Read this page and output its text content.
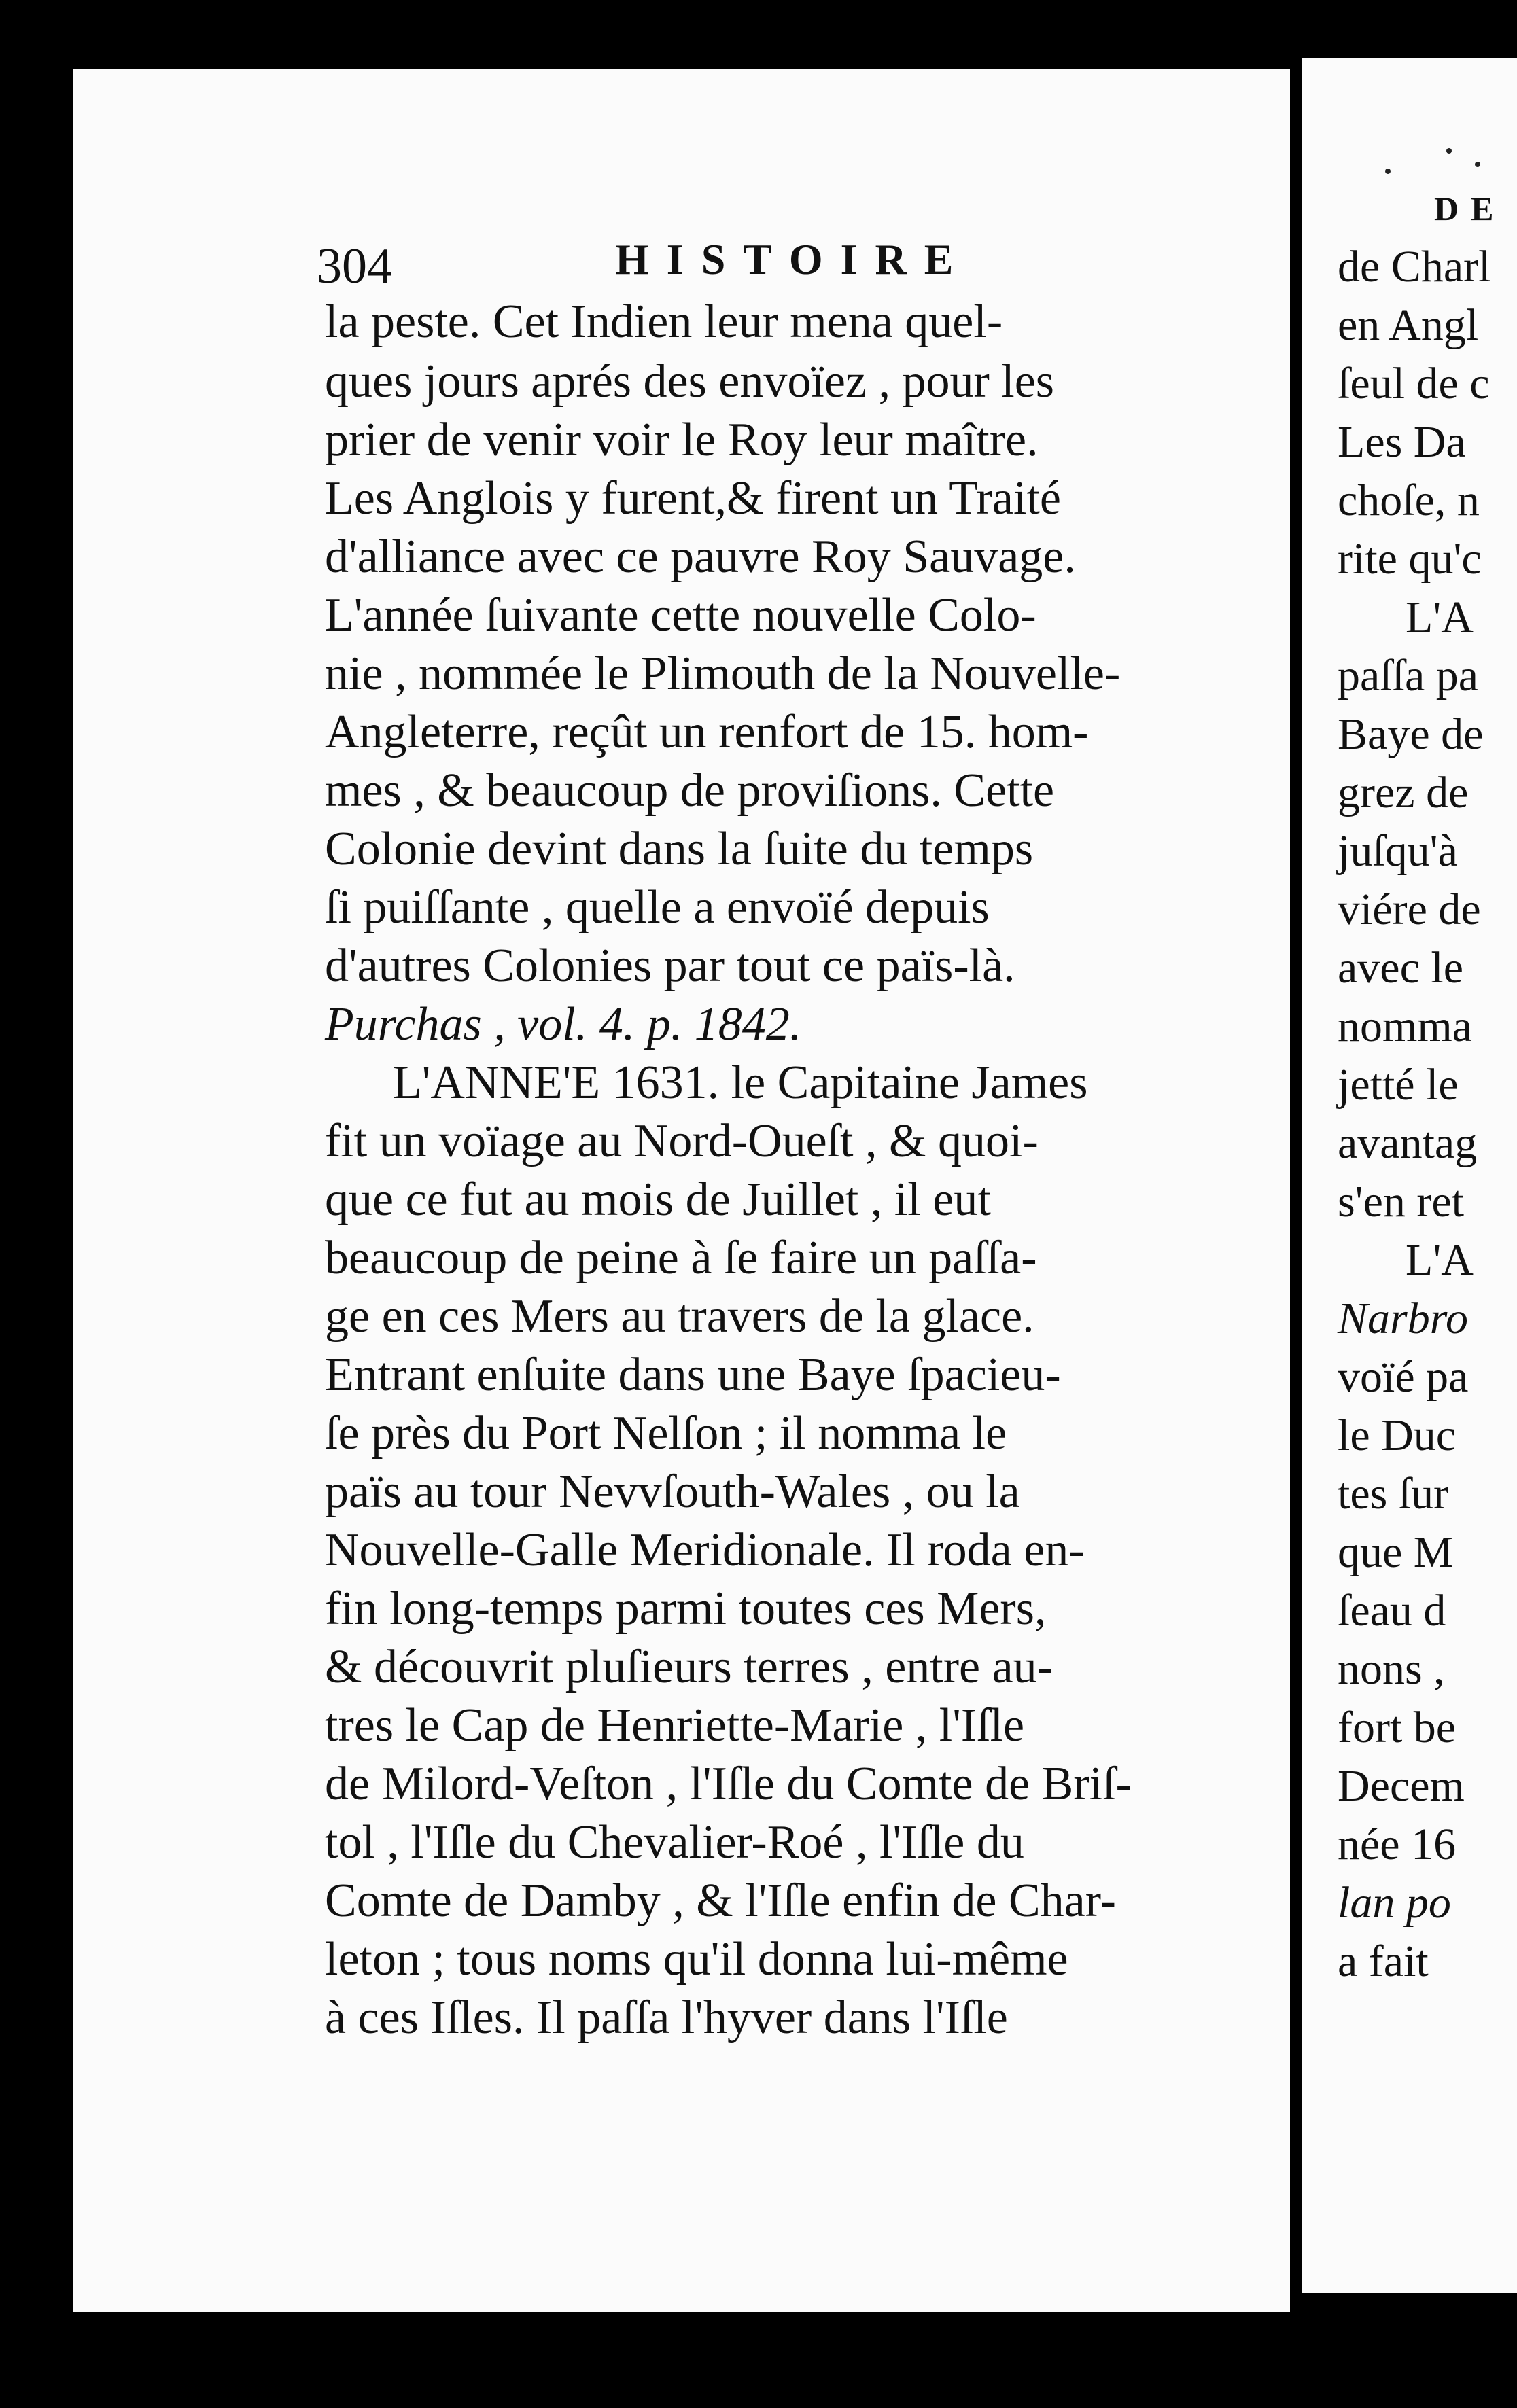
304	HISTOIRE
la peste. Cet Indien leur mena quel-
ques jours aprés des envoïez , pour les
prier de venir voir le Roy leur maître.
Les Anglois y furent,& firent un Traité
d'alliance avec ce pauvre Roy Sauvage.
L'année ſuivante cette nouvelle Colo-
nie , nommée le Plimouth de la Nouvelle-
Angleterre, reçût un renfort de 15. hom-
mes , & beaucoup de proviſions. Cette
Colonie devint dans la ſuite du temps
ſi puiſſante , quelle a envoïé depuis
d'autres Colonies par tout ce païs-là.
Purchas , vol. 4. p. 1842.
L'ANNE'E 1631. le Capitaine James
fit un voïage au Nord-Oueſt , & quoi-
que ce fut au mois de Juillet , il eut
beaucoup de peine à ſe faire un paſſa-
ge en ces Mers au travers de la glace.
Entrant enſuite dans une Baye ſpacieu-
ſe près du Port Nelſon ; il nomma le
païs au tour Nevvſouth-Wales , ou la
Nouvelle-Galle Meridionale. Il roda en-
fin long-temps parmi toutes ces Mers,
& découvrit pluſieurs terres , entre au-
tres le Cap de Henriette-Marie , l'Iſle
de Milord-Veſton , l'Iſle du Comte de Briſ-
tol , l'Iſle du Chevalier-Roé , l'Iſle du
Comte de Damby , & l'Iſle enfin de Char-
leton ; tous noms qu'il donna lui-même
à ces Iſles. Il paſſa l'hyver dans l'Iſle
DE
de Charl
en Angl
ſeul de c
Les Da
choſe, n
rite qu'c
L'A
paſſa pa
Baye de
grez de
juſqu'à
viére de
avec le
nomma
jetté le
avantag
s'en ret
L'A
Narbro
voïé pa
le Duc
tes ſur
que M
ſeau d
nons ,
fort be
Decem
née 16
lan po
a fait
